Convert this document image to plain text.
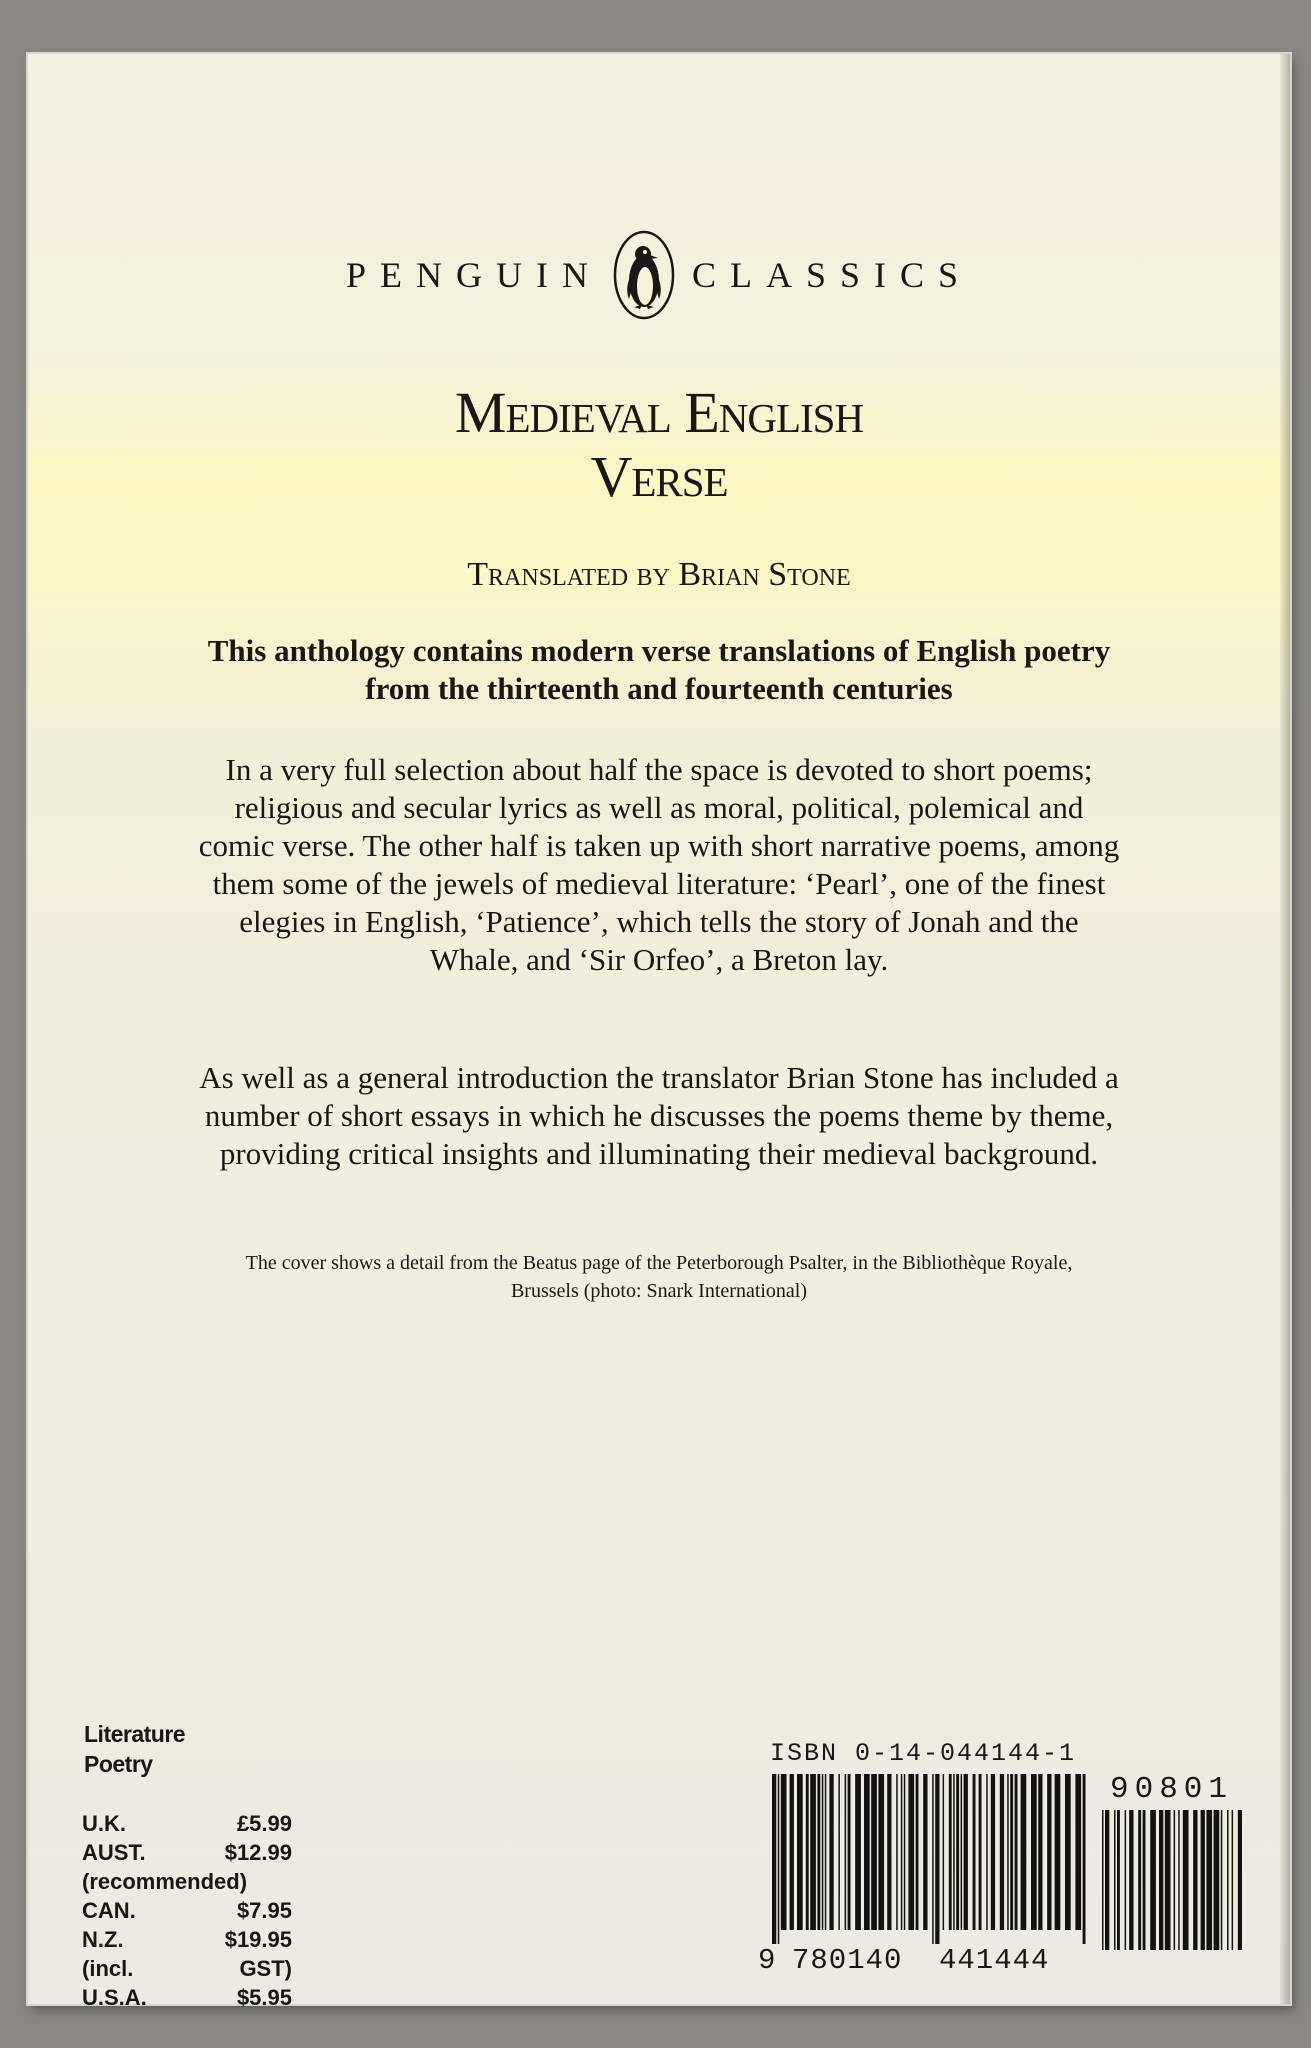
PENGUIN	CLASSICS
Medieval English
Verse
Translated by Brian Stone
This anthology contains modern verse translations of English poetry from the thirteenth and fourteenth centuries
In a very full selection about half the space is devoted to short poems; religious and secular lyrics as well as moral, political, polemical and comic verse. The other half is taken up with short narrative poems, among them some of the jewels of medieval literature: ‘Pearl’, one of the finest elegies in English, ‘Patience’, which tells the story of Jonah and the Whale, and ‘Sir Orfeo’, a Breton lay.
As well as a general introduction the translator Brian Stone has included a number of short essays in which he discusses the poems theme by theme, providing critical insights and illuminating their medieval background.
The cover shows a detail from the Beatus page of the Peterborough Psalter, in the Bibliothèque Royale, Brussels (photo: Snark International)
Literature
Poetry
U.K.	£5.99
AUST.	$12.99
(recommended)
CAN.	$7.95
N.Z.	$19.95
(incl.	GST)
U.S.A.	$5.95
ISBN 0-14-044144-1
90801
9 780140 441444
